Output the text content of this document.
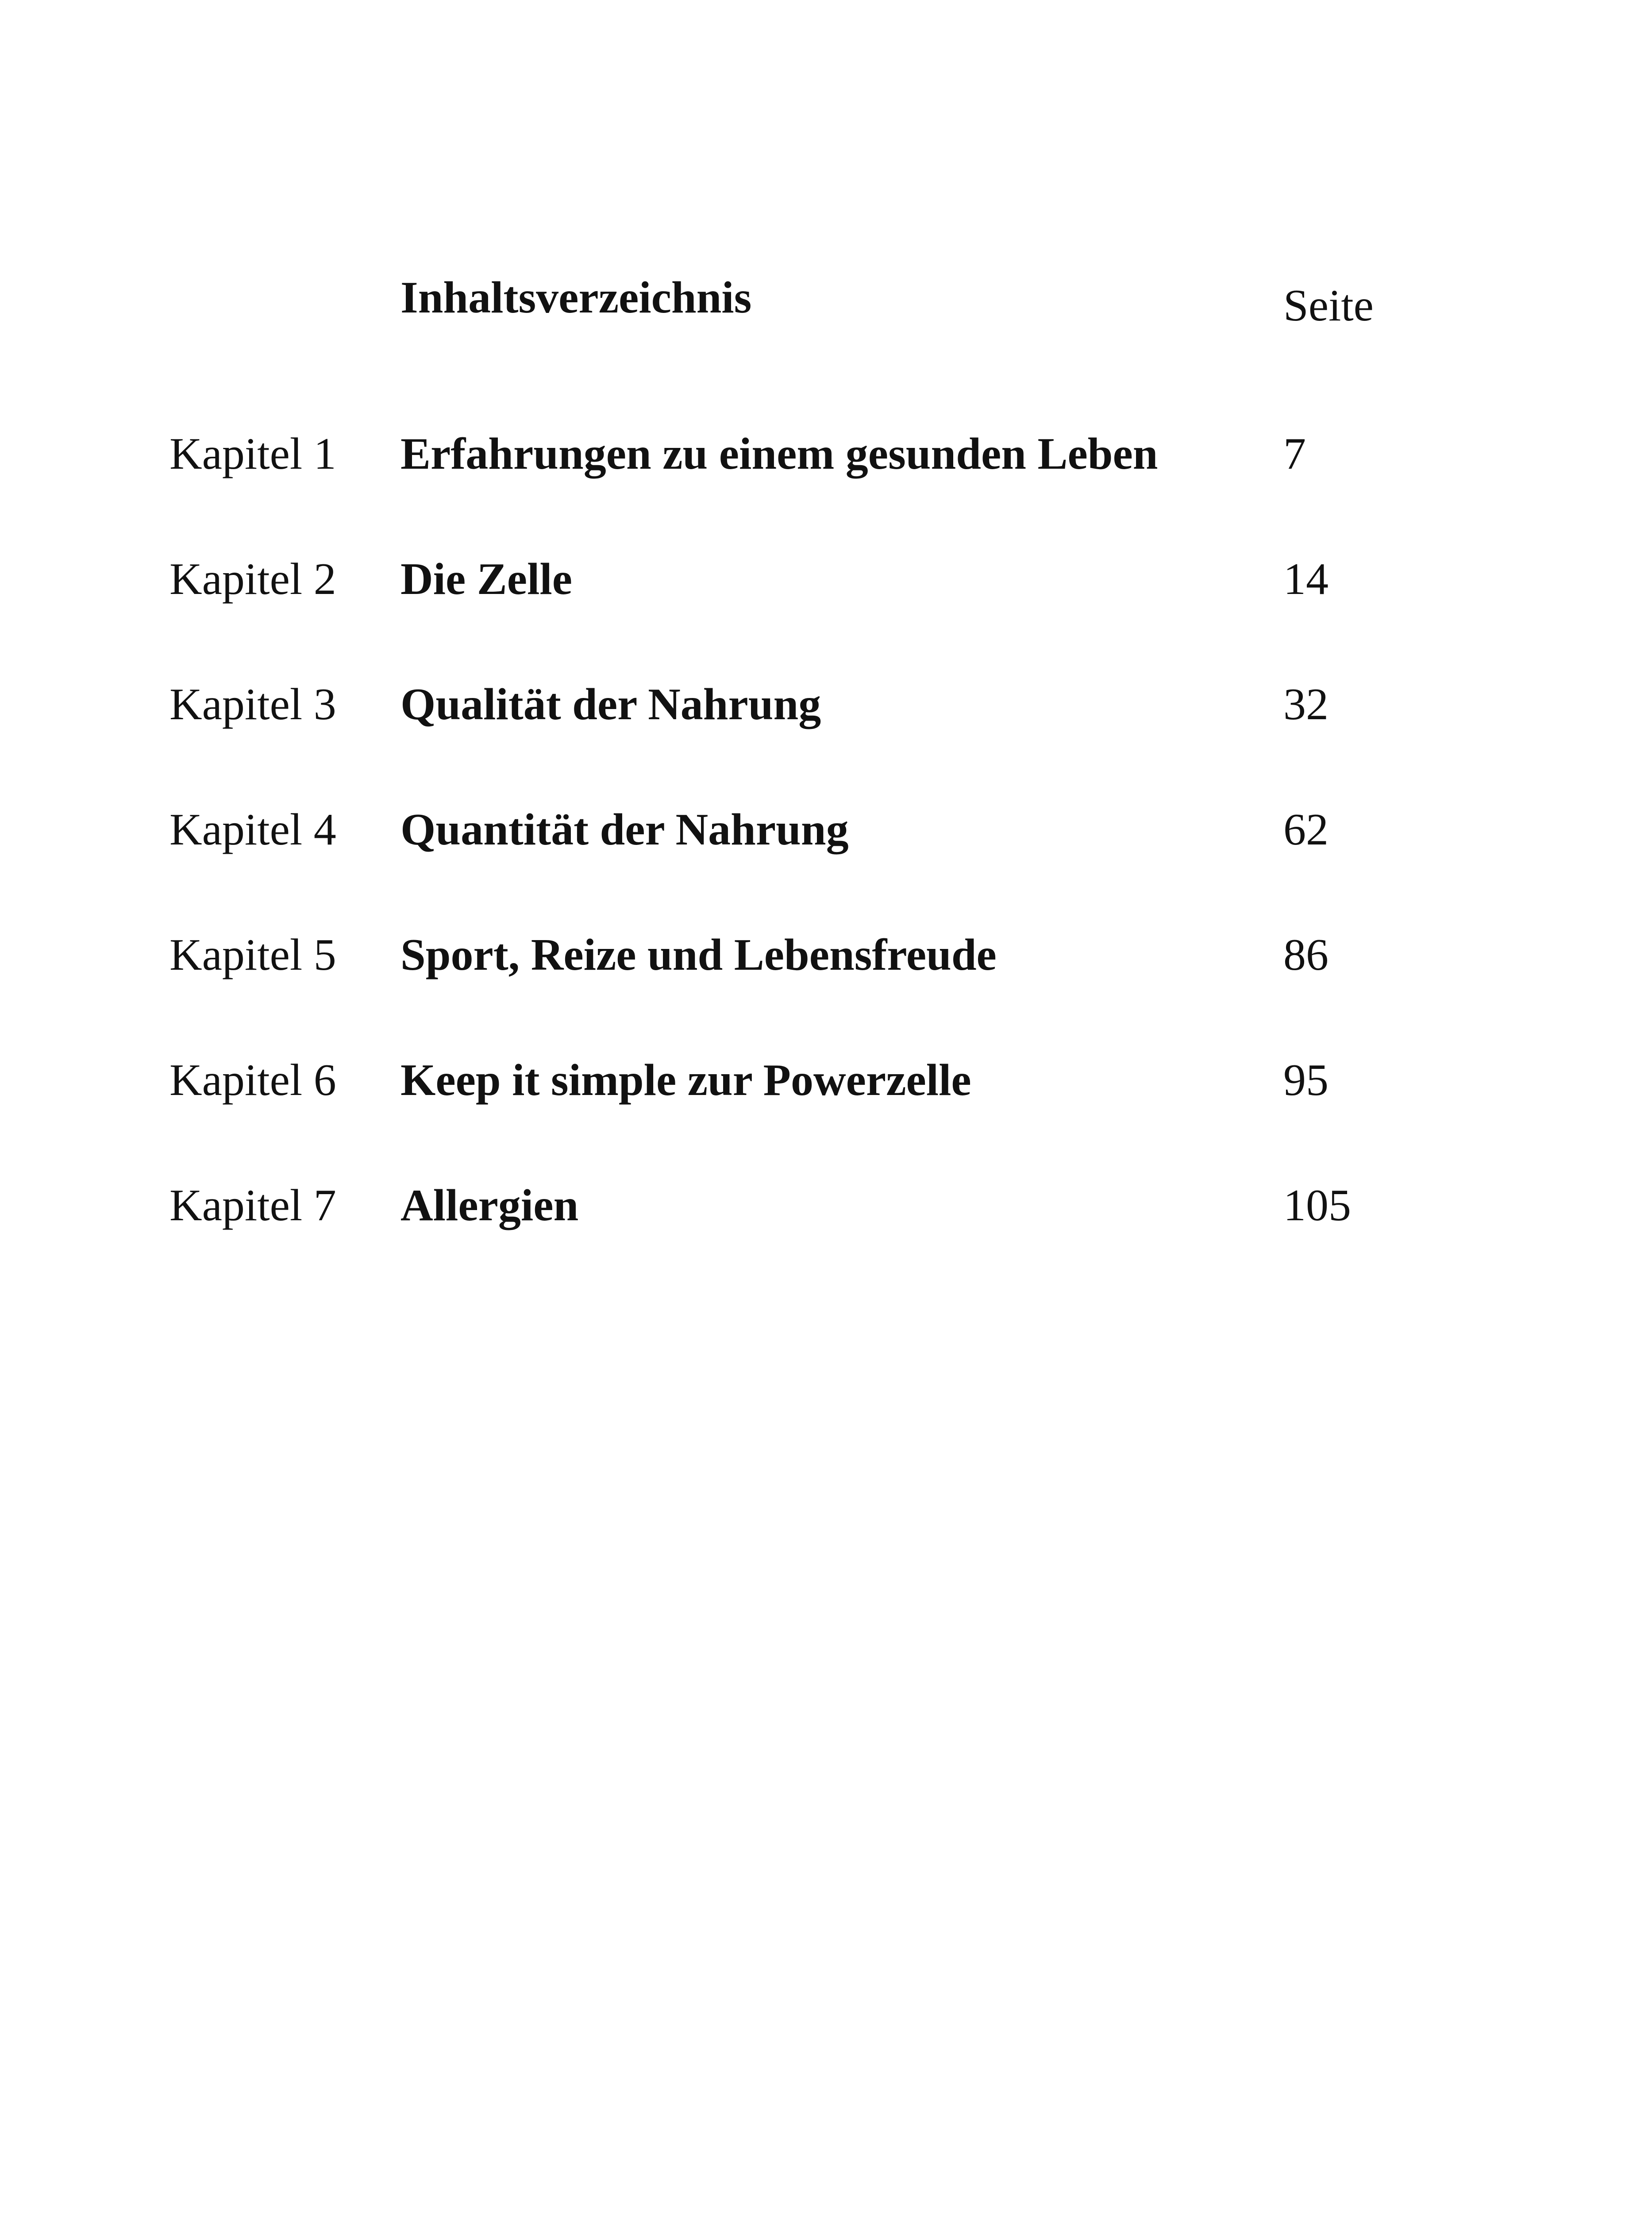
Inhaltsverzeichnis	Seite
Kapitel 1 Erfahrungen zu einem gesunden Leben	7
Kapitel 2 Die Zelle	14
Kapitel 3 Qualität der Nahrung	32
Kapitel 4 Quantität der Nahrung	62
Kapitel 5 Sport, Reize und Lebensfreude	86
Kapitel 6 Keep it simple zur Powerzelle	95
Kapitel 7 Allergien	105
